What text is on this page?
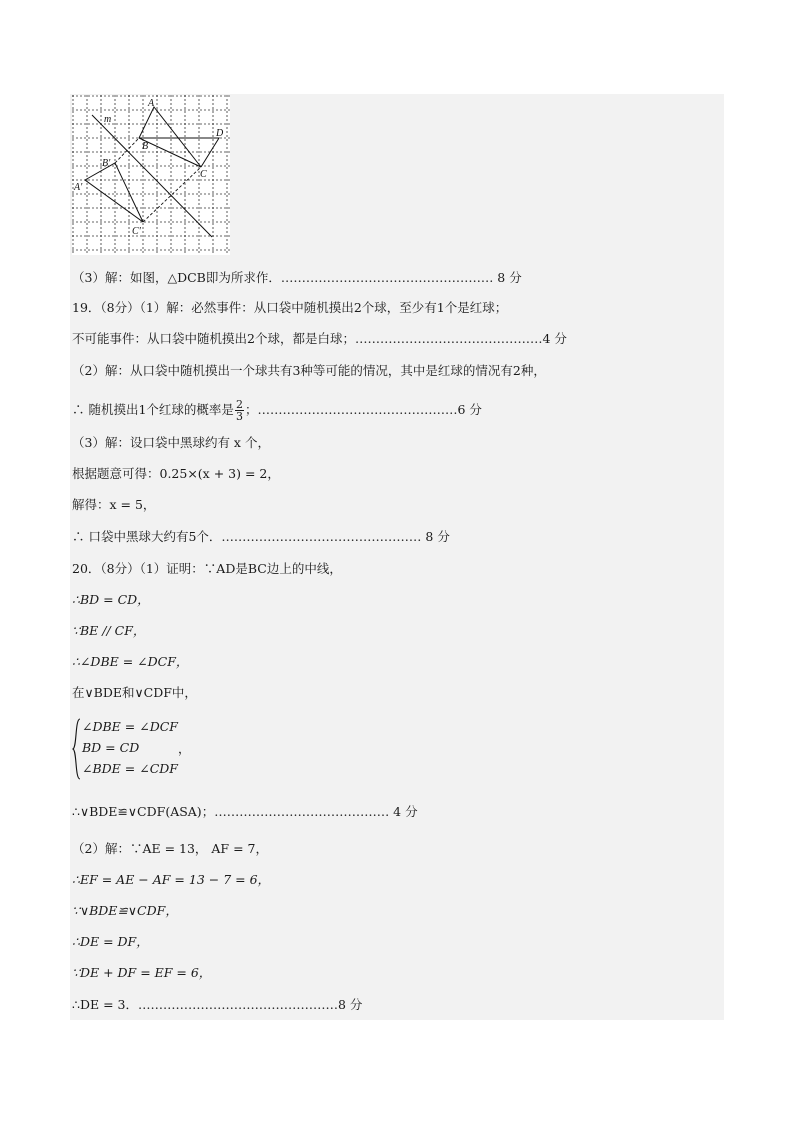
A
B
C
D
A'
B'
C'
m
（3）解：如图，△DCB即为所求作．…………………………………………… 8 分
19．（8分）（1）解：必然事件：从口袋中随机摸出2个球，至少有1个是红球；
不可能事件：从口袋中随机摸出2个球，都是白球；………………………………………4 分
（2）解：从口袋中随机摸出一个球共有3种等可能的情况，其中是红球的情况有2种，
∴ 随机摸出1个红球的概率是 $\frac{2}{3}$ ；…………………………………………6 分
（3）解：设口袋中黑球约有 x 个，
根据题意可得：0.25×(x + 3) = 2，
解得：x = 5，
∴ 口袋中黑球大约有5个．………………………………………… 8 分
20．（8分）（1）证明：∵AD是BC边上的中线，
∴BD = CD，
∵BE // CF，
∴∠DBE = ∠DCF，
在∨BDE和∨CDF中，
∠DBE = ∠DCF
BD = CD
∠BDE = ∠CDF
，
∴∨BDE≌∨CDF(ASA)；…………………………………… 4 分
（2）解：∵AE = 13， AF = 7，
∴EF = AE − AF = 13 − 7 = 6，
∵∨BDE≌∨CDF，
∴DE = DF，
∵DE + DF = EF = 6，
∴DE = 3．…………………………………………8 分
